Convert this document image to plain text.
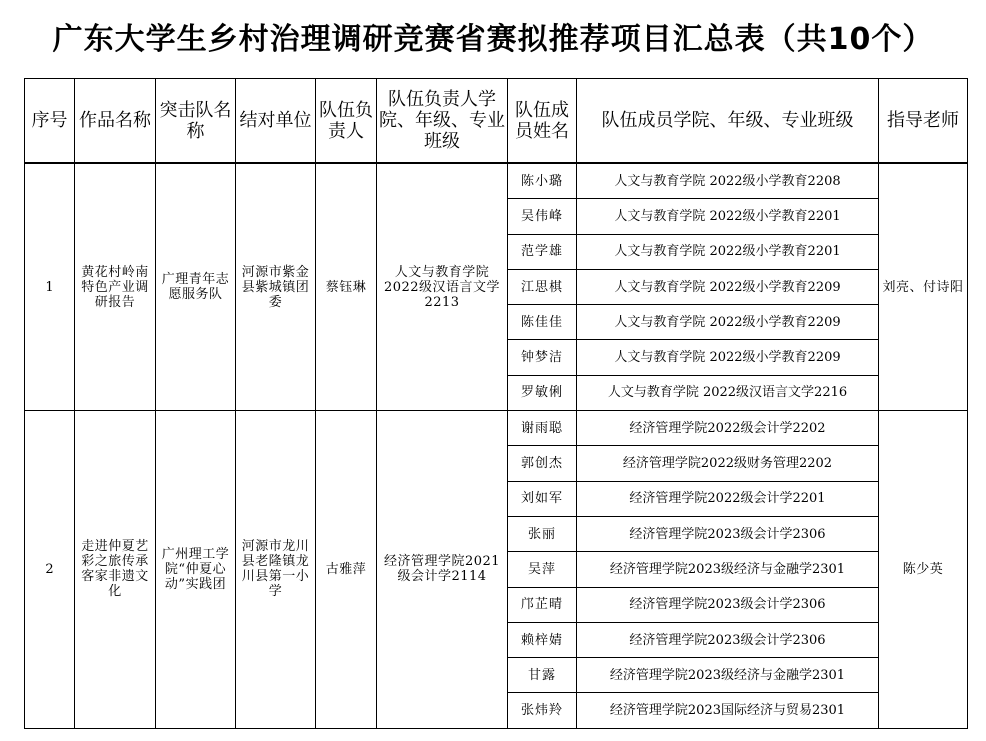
广东大学生乡村治理调研竞赛省赛拟推荐项目汇总表（共10个）
序号	作品名称	突击队名称	结对单位	队伍负责人	队伍负责人学院、年级、专业班级	队伍成员姓名	队伍成员学院、年级、专业班级	指导老师
1	黄花村岭南特色产业调研报告	广理青年志愿服务队	河源市紫金县紫城镇团委	蔡钰琳	人文与教育学院2022级汉语言文学2213	陈小璐	人文与教育学院 2022级小学教育2208	刘亮、付诗阳
						吴伟峰	人文与教育学院 2022级小学教育2201	
						范学雄	人文与教育学院 2022级小学教育2201	
						江思棋	人文与教育学院 2022级小学教育2209	
						陈佳佳	人文与教育学院 2022级小学教育2209	
						钟梦洁	人文与教育学院 2022级小学教育2209	
						罗敏俐	人文与教育学院 2022级汉语言文学2216	
2	走进仲夏艺彩之旅传承客家非遗文化	广州理工学院“仲夏心动”实践团	河源市龙川县老隆镇龙川县第一小学	古雅萍	经济管理学院2021级会计学2114	谢雨聪	经济管理学院2022级会计学2202	陈少英
						郭创杰	经济管理学院2022级财务管理2202	
						刘如军	经济管理学院2022级会计学2201	
						张丽	经济管理学院2023级会计学2306	
						吴萍	经济管理学院2023级经济与金融学2301	
						邝芷晴	经济管理学院2023级会计学2306	
						赖梓婧	经济管理学院2023级会计学2306	
						甘露	经济管理学院2023级经济与金融学2301	
						张炜羚	经济管理学院2023国际经济与贸易2301	
